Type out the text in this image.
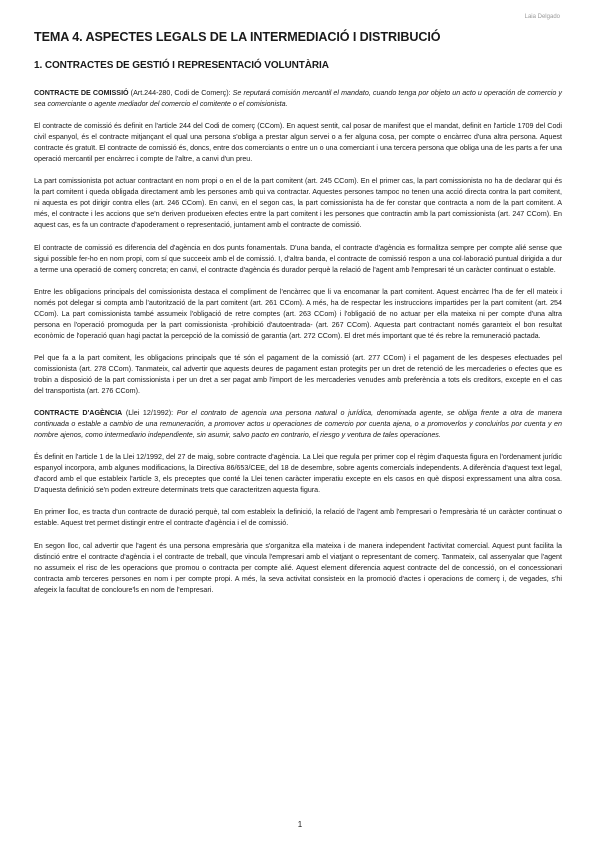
Laia Delgado
TEMA 4. ASPECTES LEGALS DE LA INTERMEDIACIÓ I DISTRIBUCIÓ
1. CONTRACTES DE GESTIÓ I REPRESENTACIÓ VOLUNTÀRIA

CONTRACTE DE COMISSIÓ (Art.244-280, Codi de Comerç): Se reputará comisión mercantil el mandato, cuando tenga por objeto un acto u operación de comercio y sea comerciante o agente mediador del comercio el comitente o el comisionista.

El contracte de comissió és definit en l'article 244 del Codi de comerç (CCom). En aquest sentit, cal posar de manifest que el mandat, definit en l'article 1709 del Codi civil espanyol, és el contracte mitjançant el qual una persona s'obliga a prestar algun servei o a fer alguna cosa, per compte o encàrrec d'una altra persona. Aquest contracte és gratuït. El contracte de comissió és, doncs, entre dos comerciants o entre un o una comerciant i una tercera persona que obliga una de les parts a fer una operació mercantil per encàrrec i compte de l'altre, a canvi d'un preu.

La part comissionista pot actuar contractant en nom propi o en el de la part comitent (art. 245 CCom). En el primer cas, la part comissionista no ha de declarar qui és la part comitent i queda obligada directament amb les persones amb qui va contractar. Aquestes persones tampoc no tenen una acció directa contra la part comitent, ni aquesta es pot dirigir contra elles (art. 246 CCom). En canvi, en el segon cas, la part comissionista ha de fer constar que contracta a nom de la part comitent. A més, el contracte i les accions que se'n deriven produeixen efectes entre la part comitent i les persones que contractin amb la part comissionista (art. 247 CCom). En aquest cas, es fa un contracte d'apoderament o representació, juntament amb el contracte de comissió.

El contracte de comissió es diferencia del d'agència en dos punts fonamentals. D'una banda, el contracte d'agència es formalitza sempre per compte alié sense que sigui possible fer-ho en nom propi, com sí que succeeix amb el de comissió. I, d'altra banda, el contracte de comissió respon a una col·laboració puntual dirigida a dur a terme una operació de comerç concreta; en canvi, el contracte d'agència és durador perquè la relació de l'agent amb l'empresari té un caràcter continuat o estable.

Entre les obligacions principals del comissionista destaca el compliment de l'encàrrec que li va encomanar la part comitent. Aquest encàrrec l'ha de fer ell mateix i només pot delegar si compta amb l'autorització de la part comitent (art. 261 CCom). A més, ha de respectar les instruccions impartides per la part comitent (art. 254 CCom). La part comissionista també assumeix l'obligació de retre comptes (art. 263 CCom) i l'obligació de no actuar per ella mateixa ni per compte d'una altra persona en l'operació promoguda per la part comissionista -prohibició d'autoentrada- (art. 267 CCom). Aquesta part contractant només garanteix el bon resultat econòmic de l'operació quan hagi pactat la percepció de la comissió de garantia (art. 272 CCom). El dret més important que té és rebre la remuneració pactada.

Pel que fa a la part comitent, les obligacions principals que té són el pagament de la comissió (art. 277 CCom) i el pagament de les despeses efectuades pel comissionista (art. 278 CCom). Tanmateix, cal advertir que aquests deures de pagament estan protegits per un dret de retenció de les mercaderies o efectes que es trobin a disposició de la part comissionista i per un dret a ser pagat amb l'import de les mercaderies venudes amb preferència a tots els creditors, excepte en el cas del transportista (art. 276 CCom).

CONTRACTE D'AGÈNCIA (Llei 12/1992): Por el contrato de agencia una persona natural o jurídica, denominada agente, se obliga frente a otra de manera continuada o estable a cambio de una remuneración, a promover actos u operaciones de comercio por cuenta ajena, o a promoverlos y concluirlos por cuenta y en nombre ajenos, como intermediario independiente, sin asumir, salvo pacto en contrario, el riesgo y ventura de tales operaciones.

És definit en l'article 1 de la Llei 12/1992, del 27 de maig, sobre contracte d'agència. La Llei que regula per primer cop el règim d'aquesta figura en l'ordenament jurídic espanyol incorpora, amb algunes modificacions, la Directiva 86/653/CEE, del 18 de desembre, sobre agents comercials independents. A diferència d'aquest text legal, d'acord amb el que estableix l'article 3, els preceptes que conté la Llei tenen caràcter imperatiu excepte en els casos en què disposi expressament una altra cosa. D'aquesta definició se'n poden extreure determinats trets que caracteritzen aquesta figura.

En primer lloc, es tracta d'un contracte de duració perquè, tal com estableix la definició, la relació de l'agent amb l'empresari o l'empresària té un caràcter continuat o estable. Aquest tret permet distingir entre el contracte d'agència i el de comissió.

En segon lloc, cal advertir que l'agent és una persona empresària que s'organitza ella mateixa i de manera independent l'activitat comercial. Aquest punt facilita la distinció entre el contracte d'agència i el contracte de treball, que vincula l'empresari amb el viatjant o representant de comerç. Tanmateix, cal assenyalar que l'agent no assumeix el risc de les operacions que promou o contracta per compte alié. Aquest element diferencia aquest contracte del de concessió, on el concessionari contracta amb terceres persones en nom i per compte propi. A més, la seva activitat consisteix en la promoció d'actes i operacions de comerç i, de vegades, s'hi afegeix la facultat de concloure'ls en nom de l'empresari.

1
